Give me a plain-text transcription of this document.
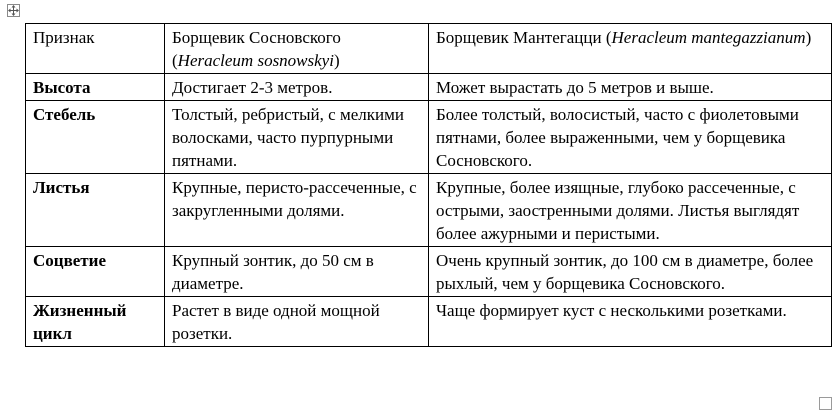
Признак	Борщевик Сосновского (Heracleum sosnowskyi)	Борщевик Мантегацци (Heracleum mantegazzianum)
Высота	Достигает 2-3 метров.	Может вырастать до 5 метров и выше.
Стебель	Толстый, ребристый, с мелкими волосками, часто пурпурными пятнами.	Более толстый, волосистый, часто с фиолетовыми пятнами, более выраженными, чем у борщевика Сосновского.
Листья	Крупные, перисто-рассеченные, с закругленными долями.	Крупные, более изящные, глубоко рассеченные, с острыми, заостренными долями. Листья выглядят более ажурными и перистыми.
Соцветие	Крупный зонтик, до 50 см в диаметре.	Очень крупный зонтик, до 100 см в диаметре, более рыхлый, чем у борщевика Сосновского.
Жизненный цикл	Растет в виде одной мощной розетки.	Чаще формирует куст с несколькими розетками.
